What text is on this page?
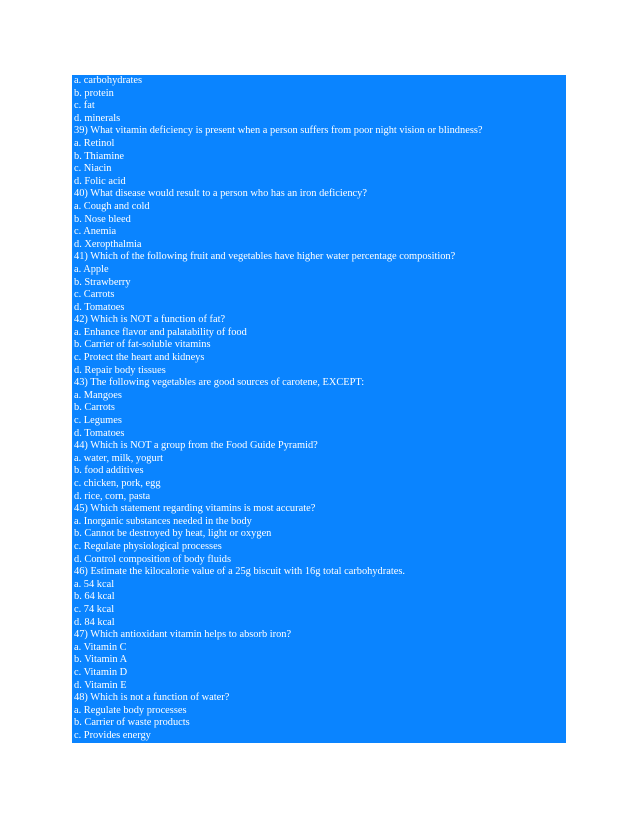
a. carbohydrates
b. protein
c. fat
d. minerals
39) What vitamin deficiency is present when a person suffers from poor night vision or blindness?
a. Retinol
b. Thiamine
c. Niacin
d. Folic acid
40) What disease would result to a person who has an iron deficiency?
a. Cough and cold
b. Nose bleed
c. Anemia
d. Xeropthalmia
41) Which of the following fruit and vegetables have higher water percentage composition?
a. Apple
b. Strawberry
c. Carrots
d. Tomatoes
42) Which is NOT a function of fat?
a. Enhance flavor and palatability of food
b. Carrier of fat-soluble vitamins
c. Protect the heart and kidneys
d. Repair body tissues
43) The following vegetables are good sources of carotene, EXCEPT:
a. Mangoes
b. Carrots
c. Legumes
d. Tomatoes
44) Which is NOT a group from the Food Guide Pyramid?
a. water, milk, yogurt
b. food additives
c. chicken, pork, egg
d. rice, corn, pasta
45) Which statement regarding vitamins is most accurate?
a. Inorganic substances needed in the body
b. Cannot be destroyed by heat, light or oxygen
c. Regulate physiological processes
d. Control composition of body fluids
46) Estimate the kilocalorie value of a 25g biscuit with 16g total carbohydrates.
a. 54 kcal
b. 64 kcal
c. 74 kcal
d. 84 kcal
47) Which antioxidant vitamin helps to absorb iron?
a. Vitamin C
b. Vitamin A
c. Vitamin D
d. Vitamin E
48) Which is not a function of water?
a. Regulate body processes
b. Carrier of waste products
c. Provides energy
